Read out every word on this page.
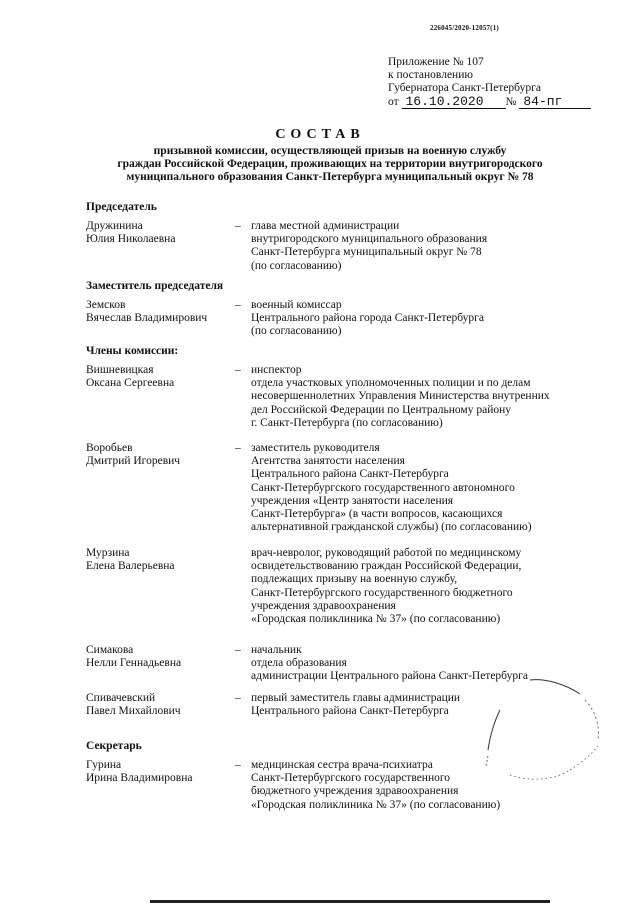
226045/2020-12057(1)
Приложение № 107
к постановлению
Губернатора Санкт-Петербурга
от 16.10.2020 № 84-пг
СОСТАВ
призывной комиссии, осуществляющей призыв на военную службу
граждан Российской Федерации, проживающих на территории внутригородского
муниципального образования Санкт-Петербурга муниципальный округ № 78
Председатель
Дружинина
Юлия Николаевна
– глава местной администрации
внутригородского муниципального образования
Санкт-Петербурга муниципальный округ № 78
(по согласованию)
Заместитель председателя
Земсков
Вячеслав Владимирович
– военный комиссар
Центрального района города Санкт-Петербурга
(по согласованию)
Члены комиссии:
Вишневицкая
Оксана Сергеевна
– инспектор
отдела участковых уполномоченных полиции и по делам
несовершеннолетних Управления Министерства внутренних
дел Российской Федерации по Центральному району
г. Санкт-Петербурга (по согласованию)
Воробьев
Дмитрий Игоревич
– заместитель руководителя
Агентства занятости населения
Центрального района Санкт-Петербурга
Санкт-Петербургского государственного автономного
учреждения «Центр занятости населения
Санкт-Петербурга» (в части вопросов, касающихся
альтернативной гражданской службы) (по согласованию)
Мурзина
Елена Валерьевна
врач-невролог, руководящий работой по медицинскому
освидетельствованию граждан Российской Федерации,
подлежащих призыву на военную службу,
Санкт-Петербургского государственного бюджетного
учреждения здравоохранения
«Городская поликлиника № 37» (по согласованию)
Симакова
Нелли Геннадьевна
– начальник
отдела образования
администрации Центрального района Санкт-Петербурга
Спивачевский
Павел Михайлович
– первый заместитель главы администрации
Центрального района Санкт-Петербурга
Секретарь
Гурина
Ирина Владимировна
– медицинская сестра врача-психиатра
Санкт-Петербургского государственного
бюджетного учреждения здравоохранения
«Городская поликлиника № 37» (по согласованию)
